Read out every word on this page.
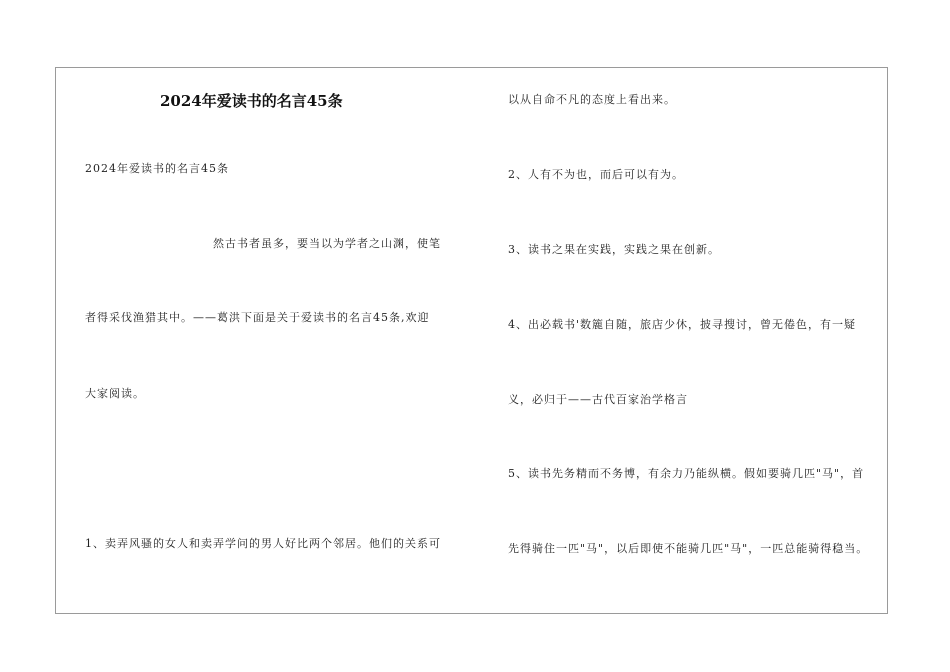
2024年爱读书的名言45条
2024年爱读书的名言45条
然古书者虽多，要当以为学者之山渊，使笔
者得采伐渔猎其中。——葛洪下面是关于爱读书的名言45条,欢迎
大家阅读。
1、卖弄风骚的女人和卖弄学问的男人好比两个邻居。他们的关系可
以从自命不凡的态度上看出来。
2、人有不为也，而后可以有为。
3、读书之果在实践，实践之果在创新。
4、出必载书'数簏自随，旅店少休，披寻搜讨，曾无倦色，有一疑
义，必归于——古代百家治学格言
5、读书先务精而不务博，有余力乃能纵横。假如要骑几匹"马"，首
先得骑住一匹"马"，以后即使不能骑几匹"马"，一匹总能骑得稳当。
